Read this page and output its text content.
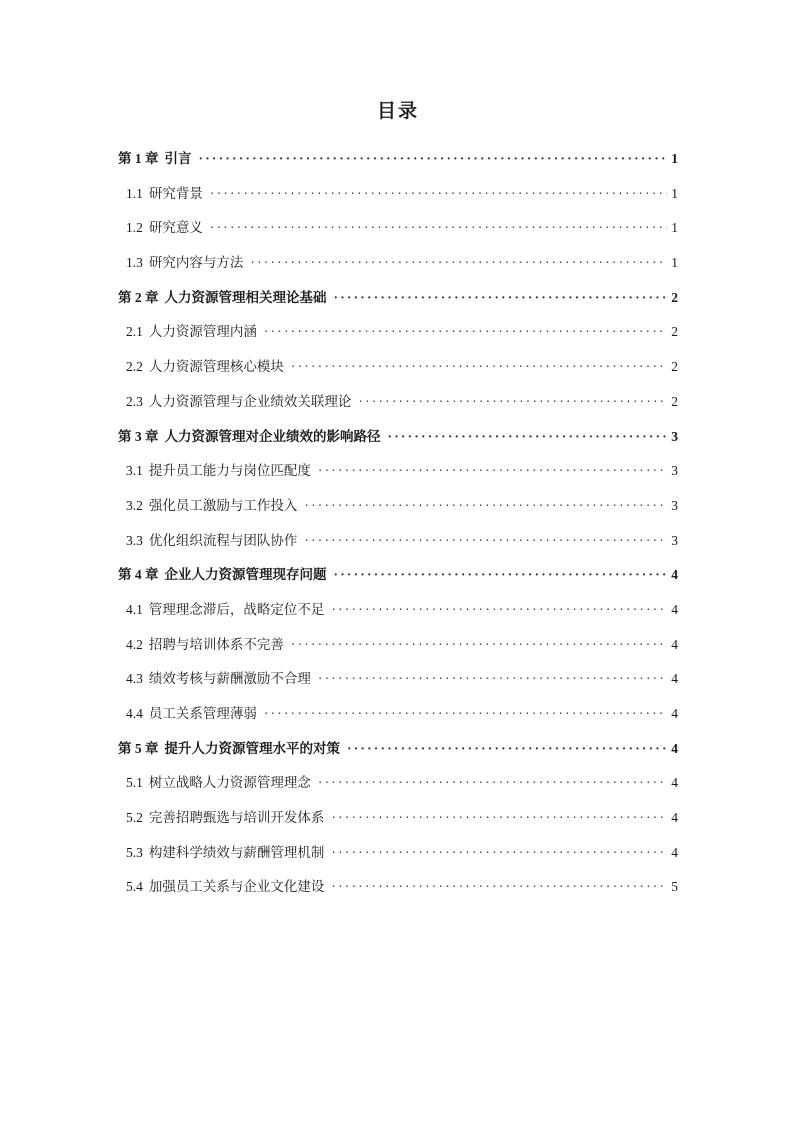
目录
第 1 章 引言 ·····	1
1.1 研究背景 ·····	1
1.2 研究意义 ·····	1
1.3 研究内容与方法 ·····	1
第 2 章 人力资源管理相关理论基础 ·····	2
2.1 人力资源管理内涵 ·····	2
2.2 人力资源管理核心模块 ·····	2
2.3 人力资源管理与企业绩效关联理论 ·····	2
第 3 章 人力资源管理对企业绩效的影响路径 ·····	3
3.1 提升员工能力与岗位匹配度 ·····	3
3.2 强化员工激励与工作投入 ·····	3
3.3 优化组织流程与团队协作 ·····	3
第 4 章 企业人力资源管理现存问题 ·····	4
4.1 管理理念滞后，战略定位不足 ·····	4
4.2 招聘与培训体系不完善 ·····	4
4.3 绩效考核与薪酬激励不合理 ·····	4
4.4 员工关系管理薄弱 ·····	4
第 5 章 提升人力资源管理水平的对策 ·····	4
5.1 树立战略人力资源管理理念 ·····	4
5.2 完善招聘甄选与培训开发体系 ·····	4
5.3 构建科学绩效与薪酬管理机制 ·····	4
5.4 加强员工关系与企业文化建设 ·····	5
